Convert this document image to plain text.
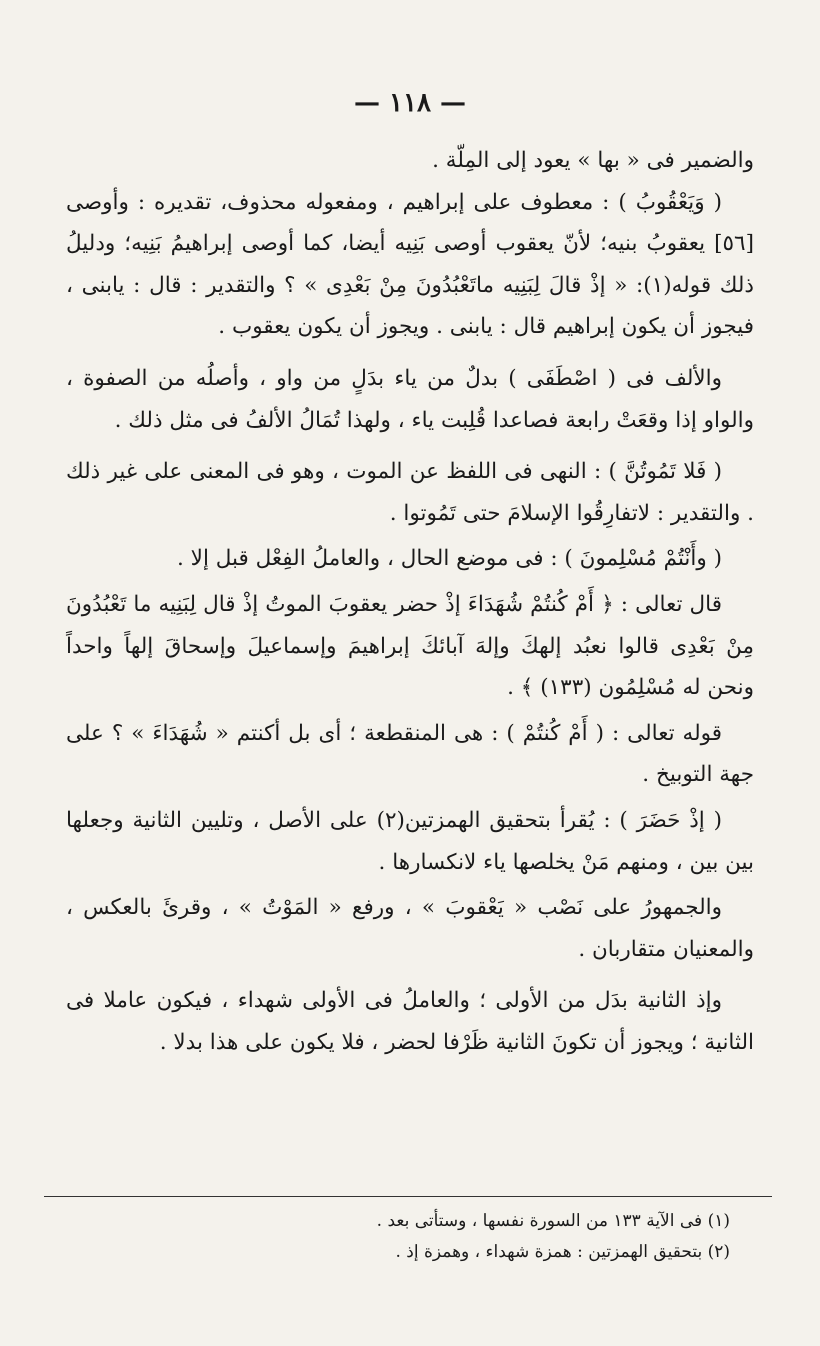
— ١١٨ —

والضمير فى « بها » يعود إلى المِلّة .

( وَيَعْقُوبُ ) : معطوف على إبراهيم ، ومفعوله محذوف، تقديره : وأوصى [٥٦] يعقوبُ بنيه؛ لأنّ يعقوب أوصى بَنِيه أيضا، كما أوصى إبراهيمُ بَنِيه؛ ودليلُ ذلك قوله(١): « إذْ قالَ لِبَنِيه ماتَعْبُدُونَ مِنْ بَعْدِى » ؟ والتقدير : قال : يابنى ، فيجوز أن يكون إبراهيم قال : يابنى . ويجوز أن يكون يعقوب .

والألف فى ( اصْطَفَى ) بدلٌ من ياء بدَلٍ من واو ، وأصلُه من الصفوة ، والواو إذا وقعَتْ رابعة فصاعدا قُلِبت ياء ، ولهذا تُمَالُ الألفُ فى مثل ذلك .

( فَلا تَمُوتُنَّ ) : النهى فى اللفظ عن الموت ، وهو فى المعنى على غير ذلك . والتقدير : لاتفارِقُوا الإسلامَ حتى تَمُوتوا .

( وأَنْتُمْ مُسْلِمونَ ) : فى موضع الحال ، والعاملُ الفِعْل قبل إلا .

قال تعالى : ﴿ أَمْ كُنتُمْ شُهَدَاءَ إذْ حضر يعقوبَ الموتُ إذْ قال لِبَنِيه ما تَعْبُدُونَ مِنْ بَعْدِى قالوا نعبُد إلهكَ وإلهَ آبائكَ إبراهيمَ وإسماعيلَ وإسحاقَ إلهاً واحداً ونحن له مُسْلِمُون (١٣٣) ﴾ .

قوله تعالى : ( أَمْ كُنتُمْ ) : هى المنقطعة ؛ أى بل أكنتم « شُهَدَاءَ » ؟ على جهة التوبيخ .

( إذْ حَضَرَ ) : يُقرأ بتحقيق الهمزتين(٢) على الأصل ، وتليين الثانية وجعلها بين بين ، ومنهم مَنْ يخلصها ياء لانكسارها .

والجمهورُ على نَصْب « يَعْقوبَ » ، ورفع « المَوْتُ » ، وقرئَ بالعكس ، والمعنيان متقاربان .

وإذ الثانية بدَل من الأولى ؛ والعاملُ فى الأولى شهداء ، فيكون عاملا فى الثانية ؛ ويجوز أن تكونَ الثانية ظَرْفا لحضر ، فلا يكون على هذا بدلا .

(١) فى الآية ١٣٣ من السورة نفسها ، وستأتى بعد .

(٢) بتحقيق الهمزتين : همزة شهداء ، وهمزة إذ .
